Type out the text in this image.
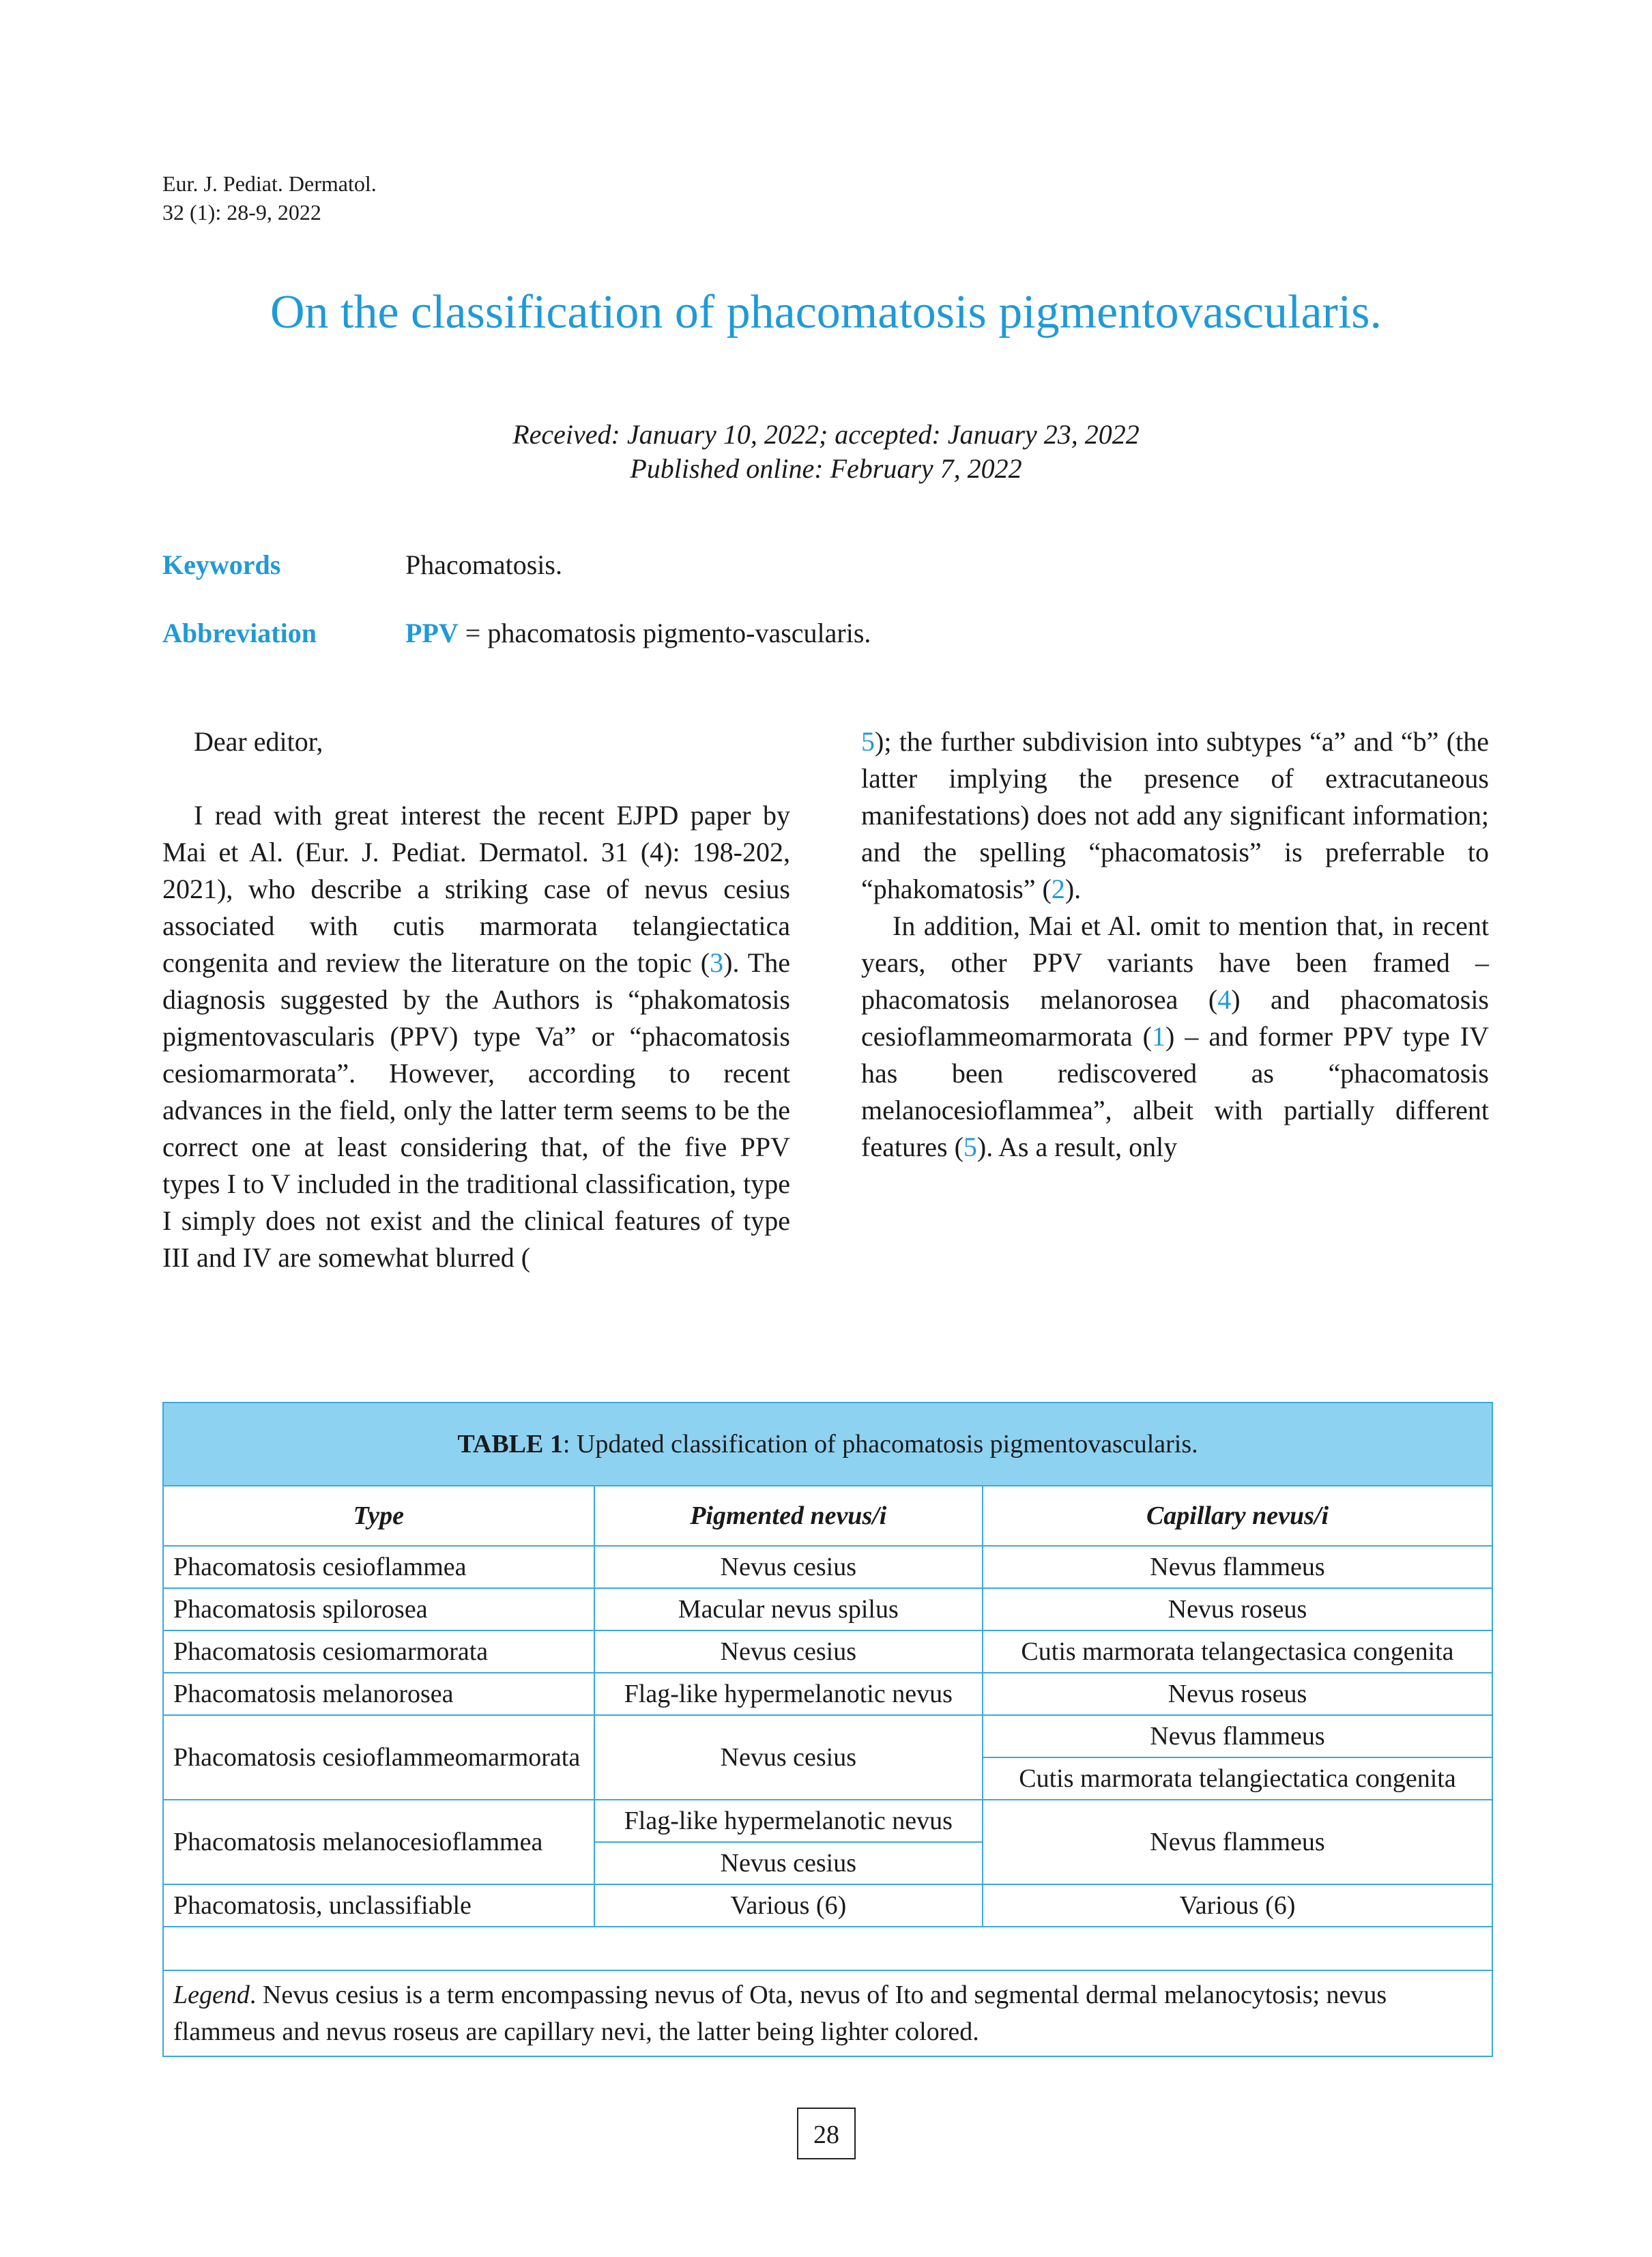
Eur. J. Pediat. Dermatol.
32 (1): 28-9, 2022
On the classification of phacomatosis pigmentovascularis.
Received: January 10, 2022; accepted: January 23, 2022
Published online: February 7, 2022
Keywords	Phacomatosis.
Abbreviation	PPV = phacomatosis pigmento-vascularis.

Dear editor,

I read with great interest the recent EJPD paper by Mai et Al. (Eur. J. Pediat. Dermatol. 31 (4): 198-202, 2021), who describe a striking case of nevus cesius associated with cutis marmorata telangiectatica congenita and review the literature on the topic (3). The diagnosis suggested by the Authors is “phakomatosis pigmentovascularis (PPV) type Va” or “phacomatosis cesiomarmorata”. However, according to recent advances in the field, only the latter term seems to be the correct one at least considering that, of the five PPV types I to V included in the traditional classification, type I simply does not exist and the clinical features of type III and IV are somewhat blurred (

5); the further subdivision into subtypes “a” and “b” (the latter implying the presence of extracutaneous manifestations) does not add any significant information; and the spelling “phacomatosis” is preferrable to “phakomatosis” (2).

In addition, Mai et Al. omit to mention that, in recent years, other PPV variants have been framed – phacomatosis melanorosea (4) and phacomatosis cesioflammeomarmorata (1) – and former PPV type IV has been rediscovered as “phacomatosis melanocesioflammea”, albeit with partially different features (5). As a result, only

TABLE 1: Updated classification of phacomatosis pigmentovascularis.		
Type	Pigmented nevus/i	Capillary nevus/i
Phacomatosis cesioflammea	Nevus cesius	Nevus flammeus
Phacomatosis spilorosea	Macular nevus spilus	Nevus roseus
Phacomatosis cesiomarmorata	Nevus cesius	Cutis marmorata telangectasica congenita
Phacomatosis melanorosea	Flag-like hypermelanotic nevus	Nevus roseus
Phacomatosis cesioflammeomarmorata	Nevus cesius	Nevus flammeus
		Cutis marmorata telangiectatica congenita
Phacomatosis melanocesioflammea	Flag-like hypermelanotic nevus	Nevus flammeus
	Nevus cesius	
Phacomatosis, unclassifiable	Various (6)	Various (6)

Legend. Nevus cesius is a term encompassing nevus of Ota, nevus of Ito and segmental dermal melanocytosis; nevus flammeus and nevus roseus are capillary nevi, the latter being lighter colored.		
28
